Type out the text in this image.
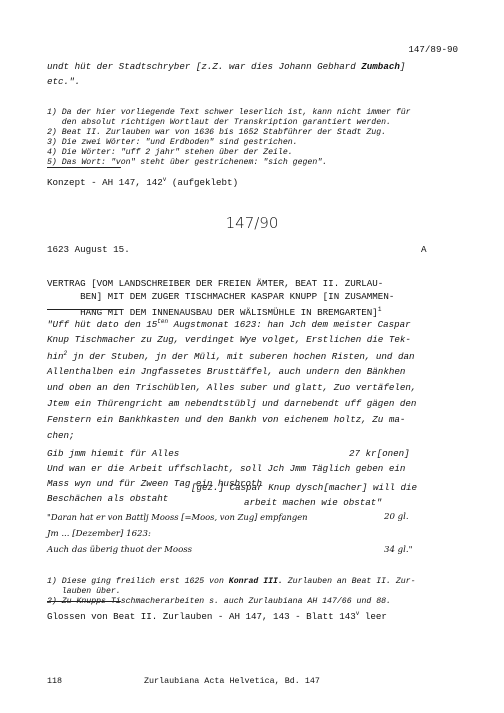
147/89-90
undt hüt der Stadtschryber [z.Z. war dies Johann Gebhard Zumbach]
etc.".

1) Da der hier vorliegende Text schwer leserlich ist, kann nicht immer für
den absolut richtigen Wortlaut der Transkription garantiert werden.
2) Beat II. Zurlauben war von 1636 bis 1652 Stabführer der Stadt Zug.
3) Die zwei Wörter: "und Erdboden" sind gestrichen.
4) Die Wörter: "uff 2 jahr" stehen über der Zeile.
5) Das Wort: "von" steht über gestrichenem: "sich gegen".

Konzept - AH 147, 142$^v$ (aufgeklebt)
147/90
1623 August 15.	A

VERTRAG [VOM LANDSCHREIBER DER FREIEN ÄMTER, BEAT II. ZURLAU-
BEN] MIT DEM ZUGER TISCHMACHER KASPAR KNUPP [IN ZUSAMMEN-
HANG MIT DEM INNENAUSBAU DER WÄLISMÜHLE IN BREMGARTEN]$^1$

"Uff hüt dato den $15^{ten}$ Augstmonat 1623: han Jch dem meister Caspar
Knup Tischmacher zu Zug, verdinget Wye volget, Erstlichen die Tek-
hin$^2$ jn der Stuben, jn der Müli, mit suberen hochen Risten, und dan
Allenthalben ein Jngfassetes Brusttäffel, auch undern den Bänkhen
und oben an den Trischüblen, Alles suber und glatt, Zuo vertäfelen,
Jtem ein Thürengricht am nebendtstüblj und darnebendt uff gägen den
Fenstern ein Bankhkasten und den Bankh von eichenem holtz, Zu ma-
chen;
Gib jmm hiemit für Alles	27 kr[onen]
Und wan er die Arbeit uffschlacht, soll Jch Jmm Täglich geben ein
Mass wyn und für Zween Tag ein husbroth
Beschächen als obstaht
[gez.] Caspar Knup dysch[macher] will die
arbeit machen wie obstat"
"Daran hat er von Battlj Mooss [=Moos, von Zug] empfangen	20 gl.
Jm ... [Dezember] 1623:
Auch das überig thuot der Mooss	34 gl."

1) Diese ging freilich erst 1625 von Konrad III. Zurlauben an Beat II. Zur-
lauben über.
2) Zu Knupps Tischmacherarbeiten s. auch Zurlaubiana AH 147/66 und 88.

Glossen von Beat II. Zurlauben - AH 147, 143 - Blatt 143$^v$ leer
118	Zurlaubiana Acta Helvetica, Bd. 147
